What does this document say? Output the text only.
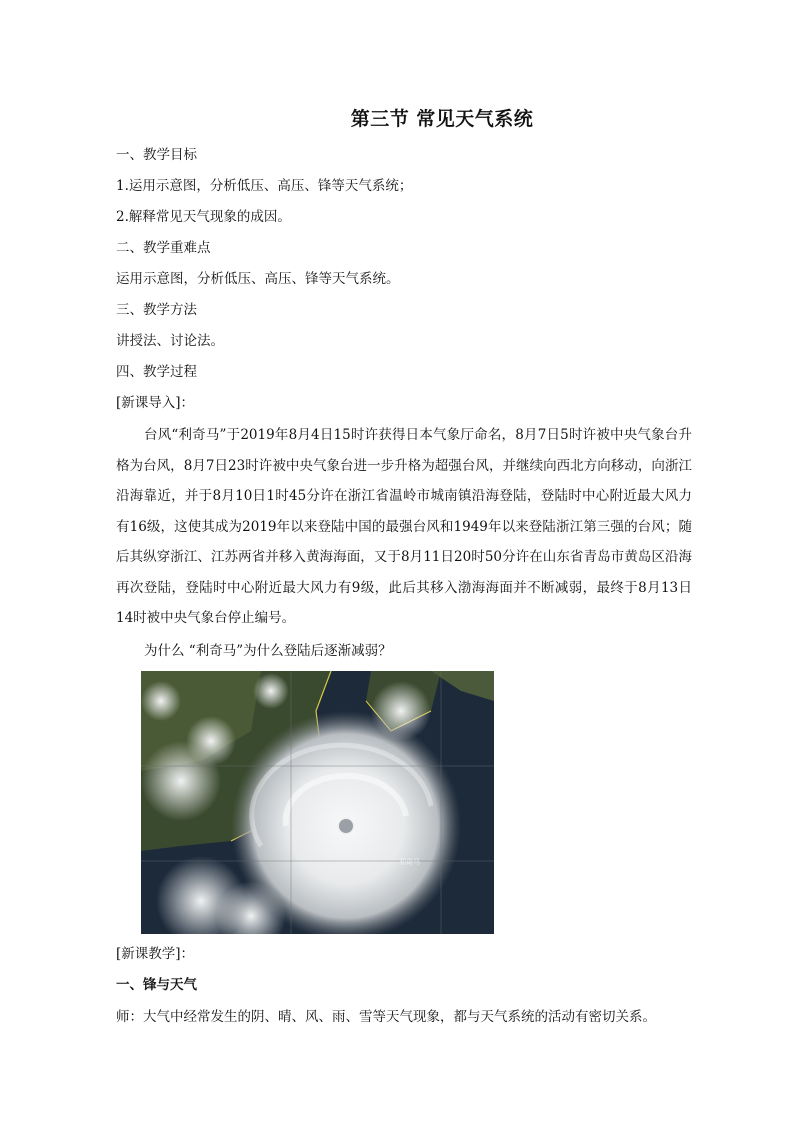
第三节 常见天气系统
一、教学目标
1.运用示意图，分析低压、高压、锋等天气系统；
2.解释常见天气现象的成因。
二、教学重难点
运用示意图，分析低压、高压、锋等天气系统。
三、教学方法
讲授法、讨论法。
四、教学过程
[新课导入]：

台风“利奇马”于2019年8月4日15时许获得日本气象厅命名，8月7日5时许被中央气象台升格为台风，8月7日23时许被中央气象台进一步升格为超强台风，并继续向西北方向移动，向浙江沿海靠近，并于8月10日1时45分许在浙江省温岭市城南镇沿海登陆，登陆时中心附近最大风力有16级，这使其成为2019年以来登陆中国的最强台风和1949年以来登陆浙江第三强的台风；随后其纵穿浙江、江苏两省并移入黄海海面，又于8月11日20时50分许在山东省青岛市黄岛区沿海再次登陆，登陆时中心附近最大风力有9级，此后其移入渤海海面并不断减弱，最终于8月13日14时被中央气象台停止编号。

为什么 “利奇马”为什么登陆后逐渐减弱？
利奇马
[新课教学]：
一、锋与天气
师：大气中经常发生的阴、晴、风、雨、雪等天气现象，都与天气系统的活动有密切关系。
